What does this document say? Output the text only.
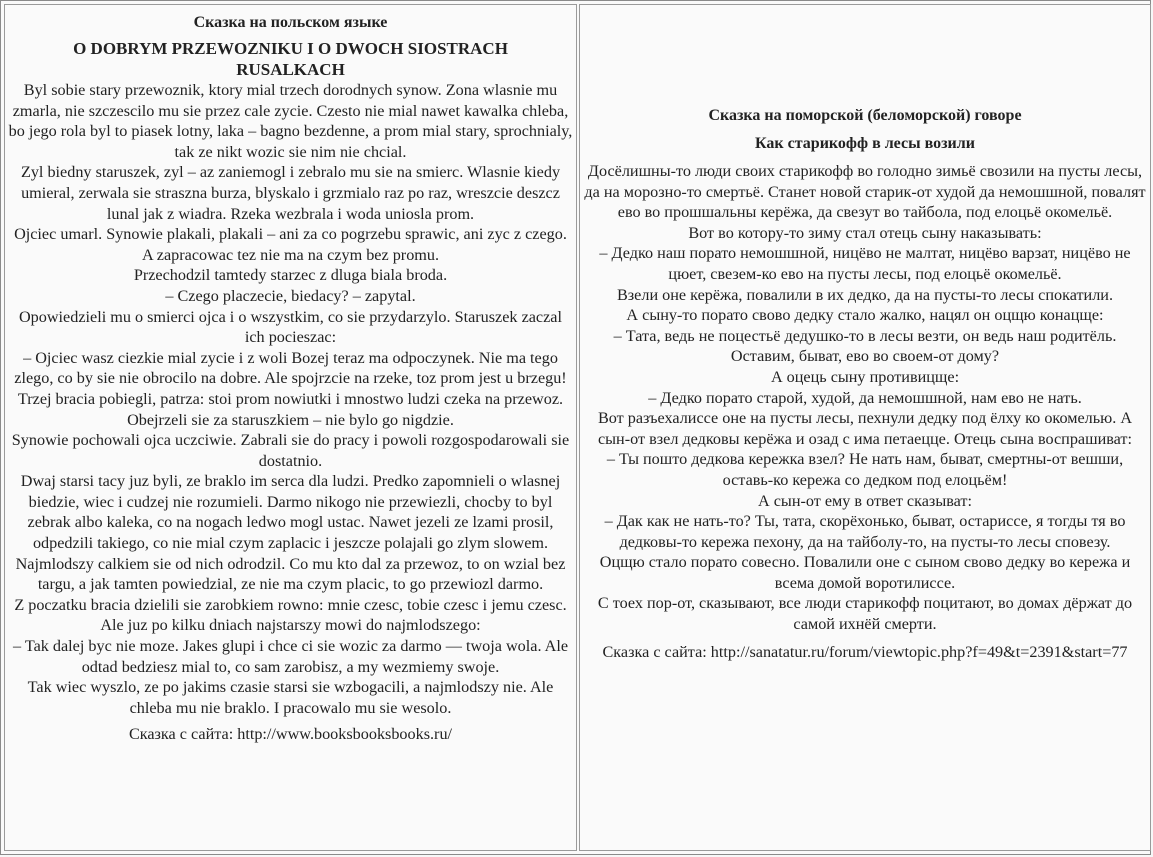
Сказка на польском языке
O DOBRYM PRZEWOZNIKU I O DWOCH SIOSTRACH RUSALKACH

Byl sobie stary przewoznik, ktory mial trzech dorodnych synow. Zona wlasnie mu zmarla, nie szczescilo mu sie przez cale zycie. Czesto nie mial nawet kawalka chleba, bo jego rola byl to piasek lotny, laka – bagno bezdenne, a prom mial stary, sprochnialy, tak ze nikt wozic sie nim nie chcial.

Zyl biedny staruszek, zyl – az zaniemogl i zebralo mu sie na smierc. Wlasnie kiedy umieral, zerwala sie straszna burza, blyskalo i grzmialo raz po raz, wreszcie deszcz lunal jak z wiadra. Rzeka wezbrala i woda uniosla prom.

Ojciec umarl. Synowie plakali, plakali – ani za co pogrzebu sprawic, ani zyc z czego. A zapracowac tez nie ma na czym bez promu.

Przechodzil tamtedy starzec z dluga biala broda.

– Czego placzecie, biedacy? – zapytal.

Opowiedzieli mu o smierci ojca i o wszystkim, co sie przydarzylo. Staruszek zaczal ich pocieszac:

– Ojciec wasz ciezkie mial zycie i z woli Bozej teraz ma odpoczynek. Nie ma tego zlego, co by sie nie obrocilo na dobre. Ale spojrzcie na rzeke, toz prom jest u brzegu!

Trzej bracia pobiegli, patrza: stoi prom nowiutki i mnostwo ludzi czeka na przewoz.

Obejrzeli sie za staruszkiem – nie bylo go nigdzie.

Synowie pochowali ojca uczciwie. Zabrali sie do pracy i powoli rozgospodarowali sie dostatnio.

Dwaj starsi tacy juz byli, ze braklo im serca dla ludzi. Predko zapomnieli o wlasnej biedzie, wiec i cudzej nie rozumieli. Darmo nikogo nie przewiezli, chocby to byl zebrak albo kaleka, co na nogach ledwo mogl ustac. Nawet jezeli ze lzami prosil, odpedzili takiego, co nie mial czym zaplacic i jeszcze polajali go zlym slowem.

Najmlodszy calkiem sie od nich odrodzil. Co mu kto dal za przewoz, to on wzial bez targu, a jak tamten powiedzial, ze nie ma czym placic, to go przewiozl darmo.

Z poczatku bracia dzielili sie zarobkiem rowno: mnie czesc, tobie czesc i jemu czesc. Ale juz po kilku dniach najstarszy mowi do najmlodszego:

– Tak dalej byc nie moze. Jakes glupi i chce ci sie wozic za darmo — twoja wola. Ale odtad bedziesz mial to, co sam zarobisz, a my wezmiemy swoje.

Tak wiec wyszlo, ze po jakims czasie starsi sie wzbogacili, a najmlodszy nie. Ale chleba mu nie braklo. I pracowalo mu sie wesolo.

Сказка с сайта: http://www.booksbooksbooks.ru/
Сказка на поморской (беломорской) говоре
Как старикофф в лесы возили

Досёлишны-то люди своих старикофф во голодно зимьё свозили на пусты лесы, да на морозно-то смертьё. Станет новой старик-от худой да немошшной, повалят ево во прошшальны керёжа, да свезут во тайбола, под елоцьё окомельё.

Вот во котору-то зиму стал отець сыну наказывать:

– Дедко наш порато немошшной, ницёво не малтат, ницёво варзат, ницёво не цюет, свезем-ко ево на пусты лесы, под елоцьё окомельё.

Взели оне керёжа, повалили в их дедко, да на пусты-то лесы спокатили.

А сыну-то порато свово дедку стало жалко, нацял он оцщю конацще:

– Тата, ведь не поцестьё дедушко-то в лесы везти, он ведь наш родитёль. Оставим, быват, ево во своем-от дому?

А оцець сыну противицще:

– Дедко порато старой, худой, да немошшной, нам ево не нать.

Вот разъехалиссе оне на пусты лесы, пехнули дедку под ёлху ко окомелью. А сын-от взел дедковы керёжа и озад с има петаеццe. Отець сына воспрашиват:

– Ты пошто дедкова кережка взел? Не нать нам, быват, смертны-от вешши, оставь-ко кережа со дедком под елоцьём!

А сын-от ему в ответ сказыват:

– Дак как не нать-то? Ты, тата, скорёхонько, быват, остариссе, я тогды тя во дедковы-то кережа пехону, да на тайболу-то, на пусты-то лесы сповезу.

Оцщю стало порато совесно. Повалили оне с сыном свово дедку во кережа и всема домой воротилиссе.

С тоех пор-от, сказывают, все люди старикофф поцитают, во домах дёржат до самой ихнёй смерти.

Сказка с сайта: http://sanatatur.ru/forum/viewtopic.php?f=49&t=2391&start=77
